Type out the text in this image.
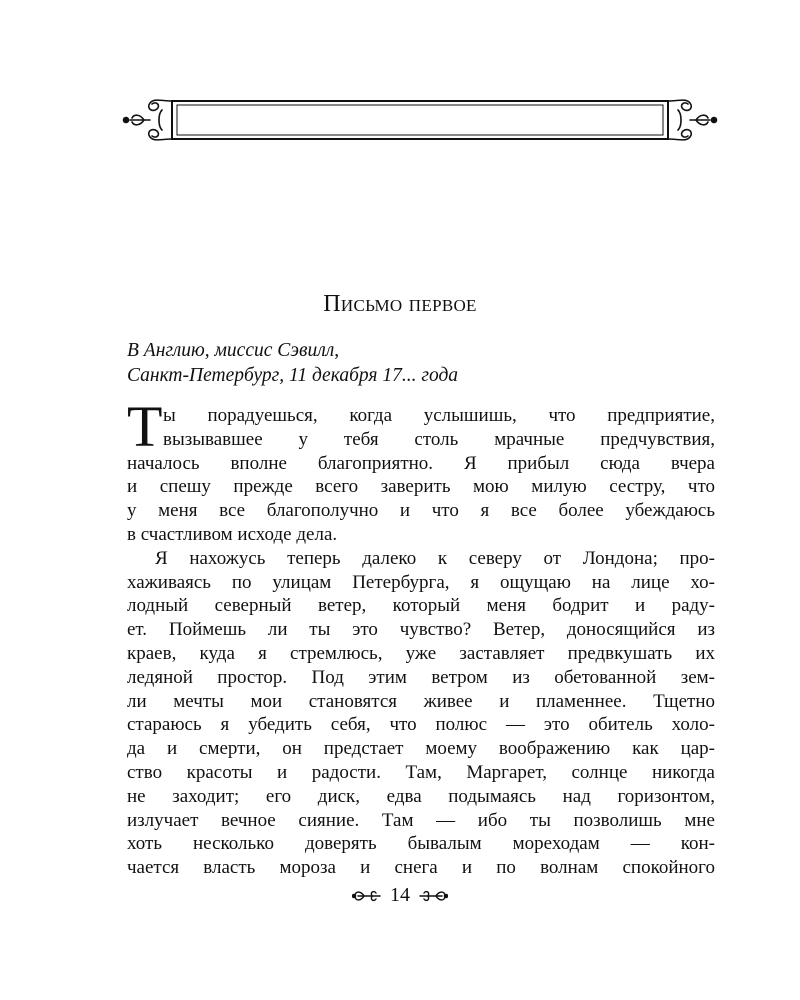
Письмо первое
В Англию, миссис Сэвилл,
Санкт-Петербург, 11 декабря 17... года
Т ы порадуешься, когда услышишь, что предприятие,
вызывавшее у тебя столь мрачные предчувствия,
началось вполне благоприятно. Я прибыл сюда вчера
и спешу прежде всего заверить мою милую сестру, что
у меня все благополучно и что я все более убеждаюсь
в счастливом исходе дела.
Я нахожусь теперь далеко к северу от Лондона; про-
хаживаясь по улицам Петербурга, я ощущаю на лице хо-
лодный северный ветер, который меня бодрит и раду-
ет. Поймешь ли ты это чувство? Ветер, доносящийся из
краев, куда я стремлюсь, уже заставляет предвкушать их
ледяной простор. Под этим ветром из обетованной зем-
ли мечты мои становятся живее и пламеннее. Тщетно
стараюсь я убедить себя, что полюс — это обитель холо-
да и смерти, он предстает моему воображению как цар-
ство красоты и радости. Там, Маргарет, солнце никогда
не заходит; его диск, едва подымаясь над горизонтом,
излучает вечное сияние. Там — ибо ты позволишь мне
хоть несколько доверять бывалым мореходам — кон-
чается власть мороза и снега и по волнам спокойного
14
